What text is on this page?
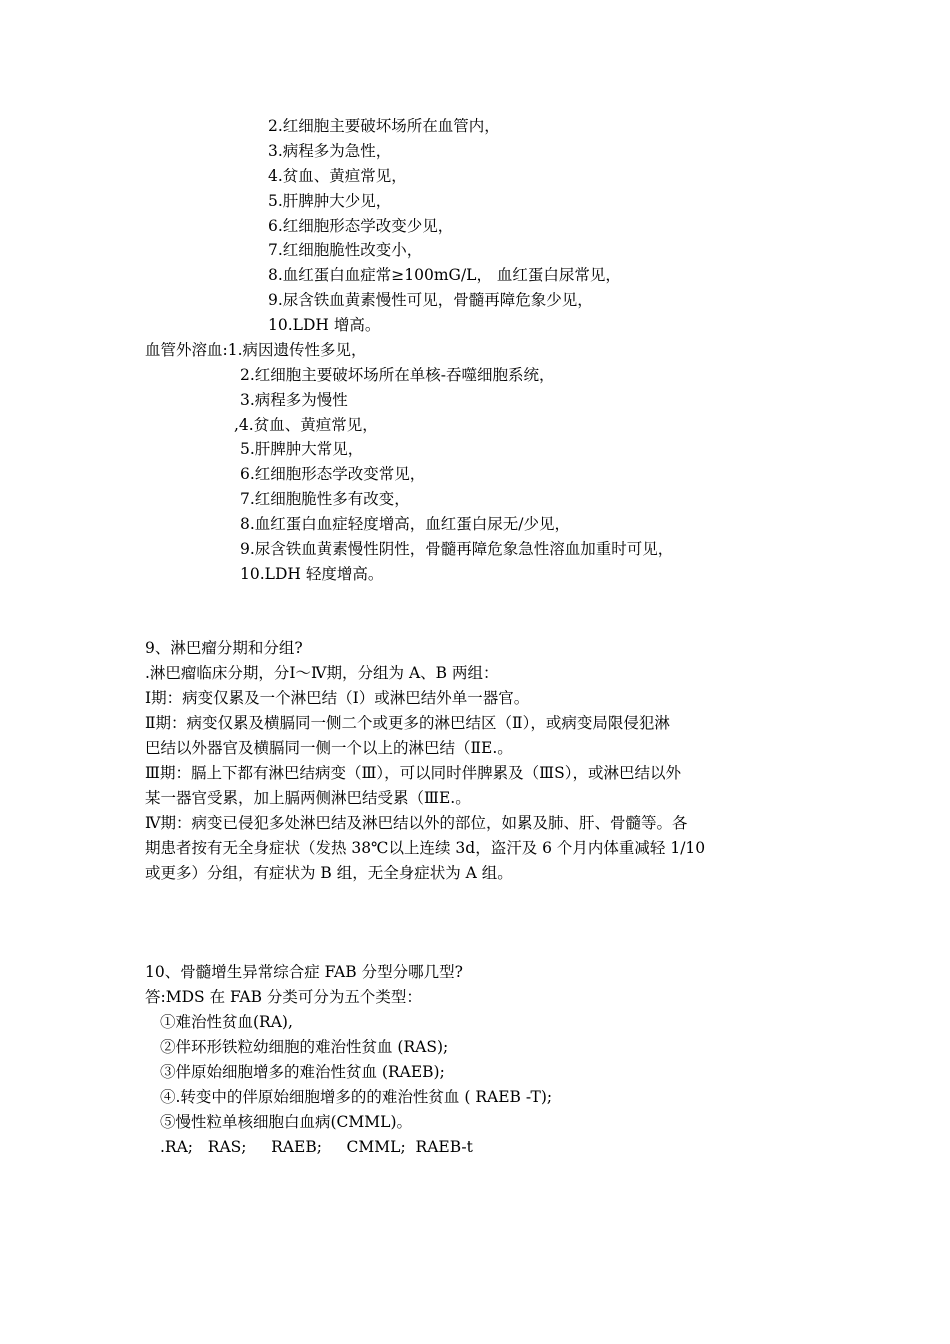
2.红细胞主要破坏场所在血管内，
3.病程多为急性，
4.贫血、黄疸常见，
5.肝脾肿大少见，
6.红细胞形态学改变少见，
7.红细胞脆性改变小，
8.血红蛋白血症常≥100mG/L， 血红蛋白尿常见，
9.尿含铁血黄素慢性可见，骨髓再障危象少见，
10.LDH 增高。
血管外溶血:1.病因遗传性多见，
2.红细胞主要破坏场所在单核-吞噬细胞系统，
3.病程多为慢性
,4.贫血、黄疸常见，
5.肝脾肿大常见，
6.红细胞形态学改变常见，
7.红细胞脆性多有改变，
8.血红蛋白血症轻度增高，血红蛋白尿无/少见，
9.尿含铁血黄素慢性阴性，骨髓再障危象急性溶血加重时可见，
10.LDH 轻度增高。
9、淋巴瘤分期和分组?
.淋巴瘤临床分期，分Ⅰ～Ⅳ期，分组为 A、B 两组：
Ⅰ期：病变仅累及一个淋巴结（Ⅰ）或淋巴结外单一器官。
Ⅱ期：病变仅累及横膈同一侧二个或更多的淋巴结区（Ⅱ），或病变局限侵犯淋
巴结以外器官及横膈同一侧一个以上的淋巴结（ⅡE.。
Ⅲ期：膈上下都有淋巴结病变（Ⅲ），可以同时伴脾累及（ⅢS），或淋巴结以外
某一器官受累，加上膈两侧淋巴结受累（ⅢE.。
Ⅳ期：病变已侵犯多处淋巴结及淋巴结以外的部位，如累及肺、肝、骨髓等。各
期患者按有无全身症状（发热 38℃以上连续 3d，盗汗及 6 个月内体重减轻 1/10
或更多）分组，有症状为 B 组，无全身症状为 A 组。
10、骨髓增生异常综合症 FAB 分型分哪几型?
答:MDS 在 FAB 分类可分为五个类型：
①难治性贫血(RA),
②伴环形铁粒幼细胞的难治性贫血 (RAS);
③伴原始细胞增多的难治性贫血 (RAEB);
④.转变中的伴原始细胞增多的的难治性贫血 ( RAEB -T);
⑤慢性粒单核细胞白血病(CMML)。
.RA;   RAS;     RAEB;     CMML;  RAEB-t
